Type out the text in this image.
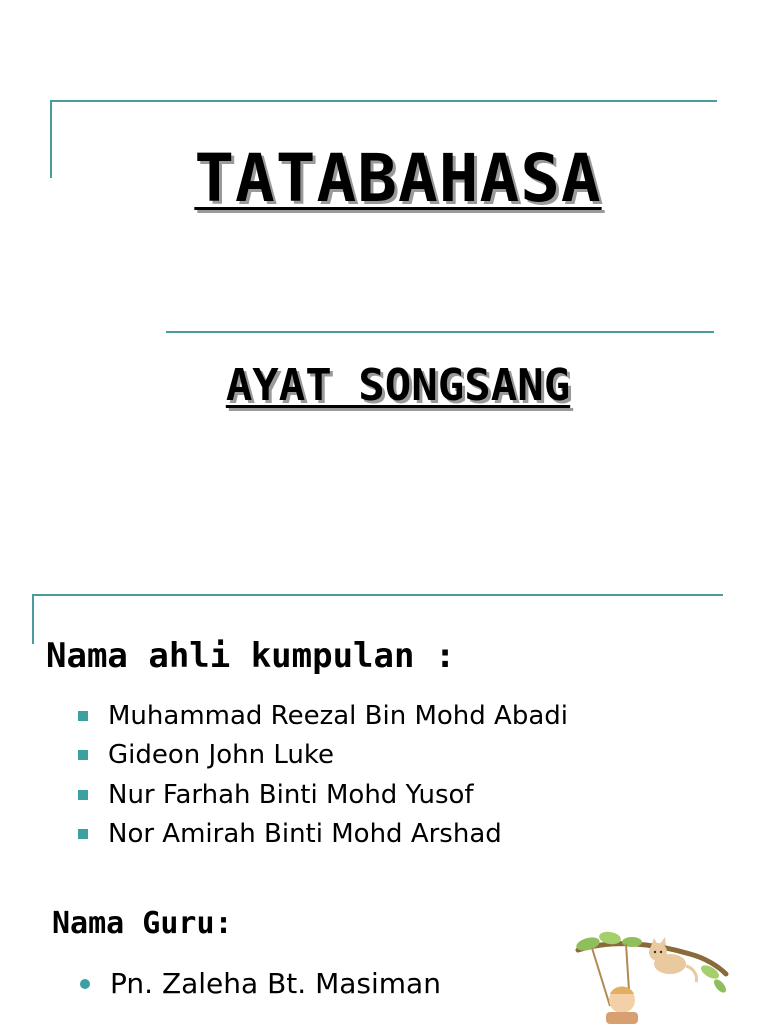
TATABAHASA
AYAT SONGSANG
Nama ahli kumpulan :
Muhammad Reezal Bin Mohd Abadi
Gideon John Luke
Nur Farhah Binti Mohd Yusof
Nor Amirah Binti Mohd Arshad
Nama Guru:
Pn. Zaleha Bt. Masiman
